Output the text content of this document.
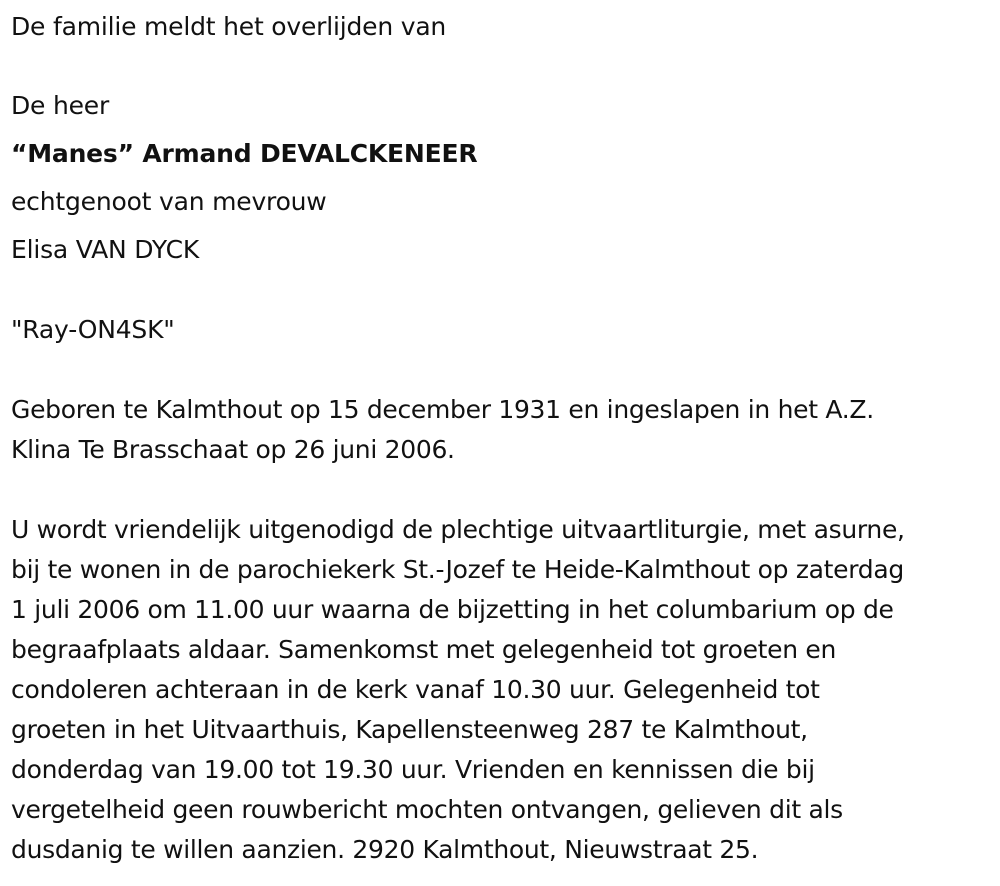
De familie meldt het overlijden van
De heer
“Manes” Armand DEVALCKENEER
echtgenoot van mevrouw
Elisa VAN DYCK
"Ray-ON4SK"
Geboren te Kalmthout op 15 december 1931 en ingeslapen in het A.Z.
Klina Te Brasschaat op 26 juni 2006.
U wordt vriendelijk uitgenodigd de plechtige uitvaartliturgie, met asurne,
bij te wonen in de parochiekerk St.-Jozef te Heide-Kalmthout op zaterdag
1 juli 2006 om 11.00 uur waarna de bijzetting in het columbarium op de
begraafplaats aldaar. Samenkomst met gelegenheid tot groeten en
condoleren achteraan in de kerk vanaf 10.30 uur. Gelegenheid tot
groeten in het Uitvaarthuis, Kapellensteenweg 287 te Kalmthout,
donderdag van 19.00 tot 19.30 uur. Vrienden en kennissen die bij
vergetelheid geen rouwbericht mochten ontvangen, gelieven dit als
dusdanig te willen aanzien. 2920 Kalmthout, Nieuwstraat 25.
